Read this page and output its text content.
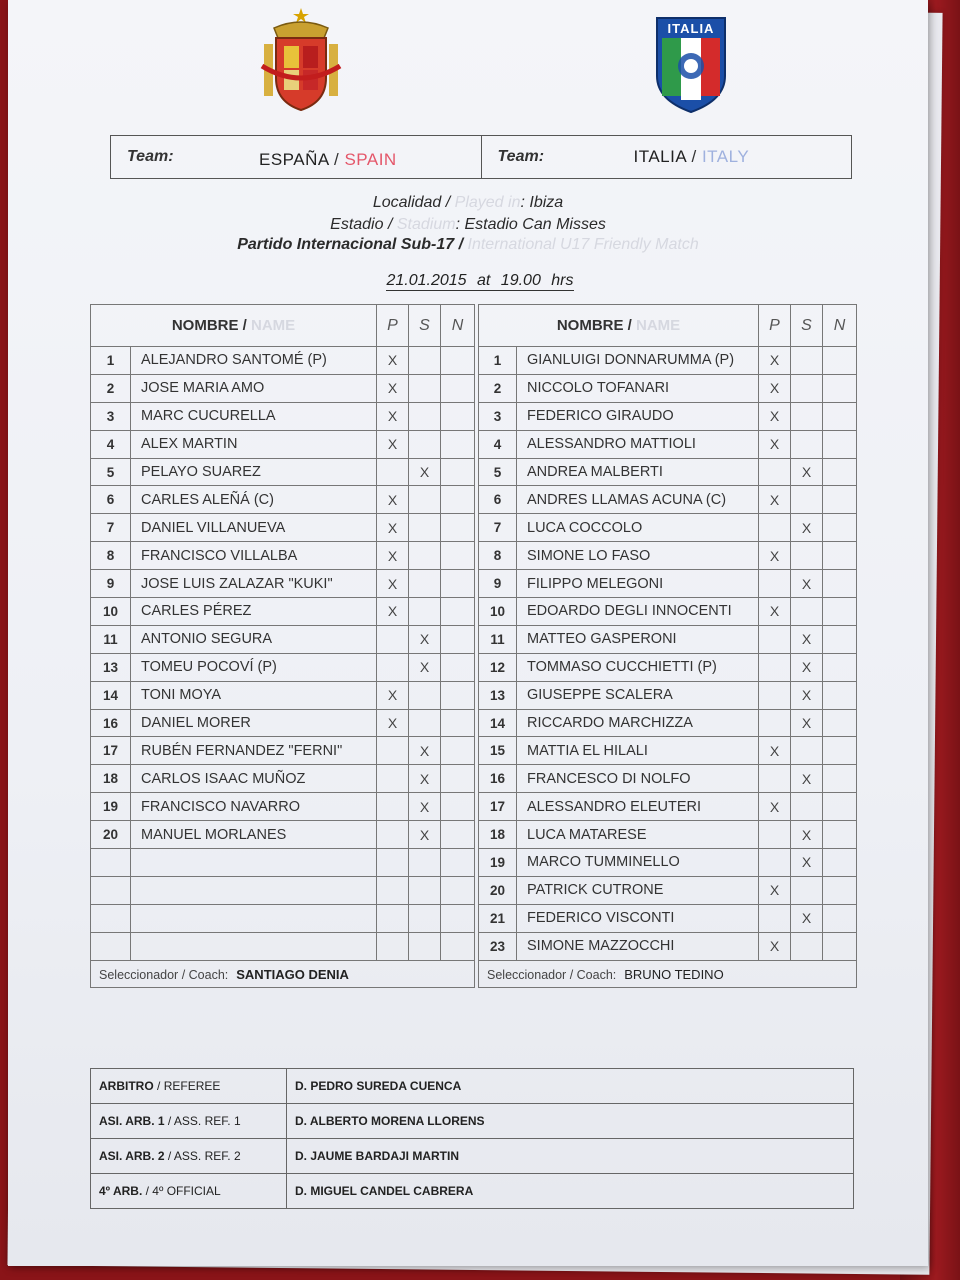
ITALIA
Team:	ESPAÑA / SPAIN	Team:	ITALIA / ITALY
Localidad / Played in: Ibiza
Estadio / Stadium: Estadio Can Misses
Partido Internacional Sub-17 / International U17 Friendly Match
21.01.2015 at 19.00 hrs
NOMBRE / NAME		P	S	N
1	ALEJANDRO SANTOMÉ (P)	X		
2	JOSE MARIA AMO	X		
3	MARC CUCURELLA	X		
4	ALEX MARTIN	X		
5	PELAYO SUAREZ		X	
6	CARLES ALEÑÁ (C)	X		
7	DANIEL VILLANUEVA	X		
8	FRANCISCO VILLALBA	X		
9	JOSE LUIS ZALAZAR "KUKI"	X		
10	CARLES PÉREZ	X		
11	ANTONIO SEGURA		X	
13	TOMEU POCOVÍ (P)		X	
14	TONI MOYA	X		
16	DANIEL MORER	X		
17	RUBÉN FERNANDEZ "FERNI"		X	
18	CARLOS ISAAC MUÑOZ		X	
19	FRANCISCO NAVARRO		X	
20	MANUEL MORLANES		X	

Seleccionador / Coach: SANTIAGO DENIA				
NOMBRE / NAME		P	S	N
1	GIANLUIGI DONNARUMMA (P)	X		
2	NICCOLO TOFANARI	X		
3	FEDERICO GIRAUDO	X		
4	ALESSANDRO MATTIOLI	X		
5	ANDREA MALBERTI		X	
6	ANDRES LLAMAS ACUNA (C)	X		
7	LUCA COCCOLO		X	
8	SIMONE LO FASO	X		
9	FILIPPO MELEGONI		X	
10	EDOARDO DEGLI INNOCENTI	X		
11	MATTEO GASPERONI		X	
12	TOMMASO CUCCHIETTI (P)		X	
13	GIUSEPPE SCALERA		X	
14	RICCARDO MARCHIZZA		X	
15	MATTIA EL HILALI	X		
16	FRANCESCO DI NOLFO		X	
17	ALESSANDRO ELEUTERI	X		
18	LUCA MATARESE		X	
19	MARCO TUMMINELLO		X	
20	PATRICK CUTRONE	X		
21	FEDERICO VISCONTI		X	
23	SIMONE MAZZOCCHI	X		
Seleccionador / Coach: BRUNO TEDINO				
ARBITRO / REFEREE	D. PEDRO SUREDA CUENCA
ASI. ARB. 1 / ASS. REF. 1	D. ALBERTO MORENA LLORENS
ASI. ARB. 2 / ASS. REF. 2	D. JAUME BARDAJI MARTIN
4º ARB. / 4º OFFICIAL	D. MIGUEL CANDEL CABRERA
